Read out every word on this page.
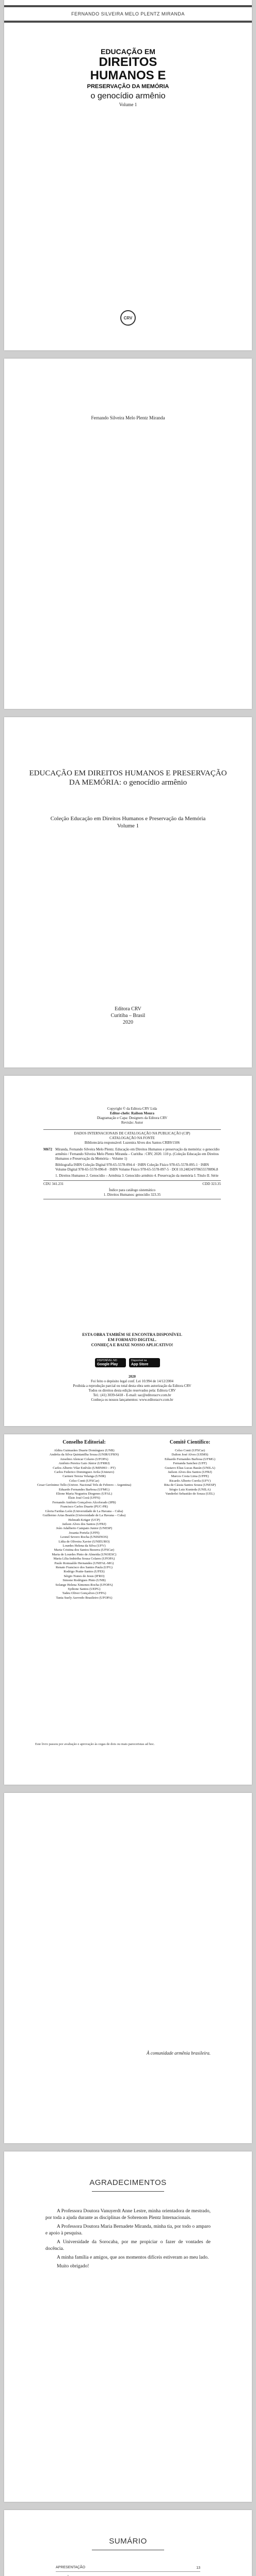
FERNANDO SILVEIRA MELO PLENTZ MIRANDA
EDUCAÇÃO EM
DIREITOS
HUMANOS E
PRESERVAÇÃO DA MEMÓRIA
o genocídio armênio
Volume 1
CRV
Fernando Silveira Melo Plentz Miranda
EDUCAÇÃO EM DIREITOS HUMANOS E PRESERVAÇÃO DA MEMÓRIA: o genocídio armênio
Coleção Educação em Direitos Humanos e Preservação da Memória
Volume 1
Editora CRV
Curitiba – Brasil
2020
Copyright © da Editora CRV Ltda
Editor-chefe: Railson Moura
Diagramação e Capa: Designers da Editora CRV
Revisão: Autor
DADOS INTERNACIONAIS DE CATALOGAÇÃO NA PUBLICAÇÃO (CIP)
CATALOGAÇÃO NA FONTE
Bibliotecária responsável: Luzenira Alves dos Santos CRB9/1506
M672 Miranda, Fernando Silveira Melo Plentz. Educação em Direitos Humanos e preservação da memória: o genocídio armênio / Fernando Silveira Melo Plentz Miranda – Curitiba : CRV, 2020. 110 p. (Coleção Educação em Direitos Humanos e Preservação da Memória – Volume 1)
Bibliografia ISBN Coleção Digital 978-65-5578-094-4 · ISBN Coleção Físico 978-65-5578-095-1 · ISBN Volume Digital 978-65-5578-096-8 · ISBN Volume Físico 978-65-5578-097-5 · DOI 10.24824/978655578096.8
1. Direitos Humanos 2. Genocídio – Armênia 3. Genocídio armênio 4. Preservação da memória I. Título II. Série
CDU 341.231	CDD 323.35
Índice para catálogo sistemático
1. Direitos Humanos: genocídio 323.35
ESTA OBRA TAMBÉM SE ENCONTRA DISPONÍVEL
EM FORMATO DIGITAL.
CONHEÇA E BAIXE NOSSO APLICATIVO!
2020
Foi feito o depósito legal conf. Lei 10.994 de 14/12/2004
Proibida a reprodução parcial ou total desta obra sem autorização da Editora CRV
Todos os direitos desta edição reservados pela: Editora CRV
Tel.: (41) 3039-6418 - E-mail: sac@editoracrv.com.br
Conheça os nossos lançamentos: www.editoracrv.com.br
DISPONÍVEL NO
Google Play
Disponível na
App Store
Conselho Editorial:	Comitê Científico:
Aldira Guimarães Duarte Domínguez (UNB)
Andréia da Silva Quintanilha Sousa (UNIR/UFRN)
Anselmo Alencar Colares (UFOPA)
Antônio Pereira Gaio Júnior (UFRRJ)
Carlos Alberto Vilar Estêvão (UMINHO – PT)
Carlos Federico Dominguez Avila (Unieuro)
Carmen Tereza Velanga (UNIR)
Celso Conti (UFSCar)
Cesar Gerónimo Tello (Univer. Nacional Três de Febrero – Argentina)
Eduardo Fernandes Barbosa (UFMG)
Elione Maria Nogueira Diogenes (UFAL)
Élsio José Corá (UFFS)
Fernando Antônio Gonçalves Alcoforado (IPB)
Francisco Carlos Duarte (PUC-PR)
Gloria Fariñas León (Universidade de La Havana – Cuba)
Guillermo Arias Beatón (Universidade de La Havana – Cuba)
Helmuth Krüger (UCP)
Jailson Alves dos Santos (UFRJ)
João Adalberto Campato Junior (UNESP)
Josania Portela (UFPI)
Leonel Severo Rocha (UNISINOS)
Lídia de Oliveira Xavier (UNIEURO)
Lourdes Helena da Silva (UFV)
Maria Cristina dos Santos Bezerra (UFSCar)
Maria de Lourdes Pinto de Almeida (UNOESC)
Maria Lília Imbiriba Sousa Colares (UFOPA)
Paulo Romualdo Hernandes (UNIFAL-MG)
Renato Francisco dos Santos Paula (UFG)
Rodrigo Pratte-Santos (UFES)
Sérgio Nunes de Jesus (IFRO)
Simone Rodrigues Pinto (UNB)
Solange Helena Ximenes-Rocha (UFOPA)
Sydione Santos (UEPG)
Tadeu Oliver Gonçalves (UFPA)
Tania Suely Azevedo Brasileiro (UFOPA)
Celso Conti (UFSCar)
Dalton José Alves (UEMS)
Eduardo Fernandes Barbosa (UFMG)
Fernanda Sanchez (UFF)
Gustavo Elias Lucas Bazán (UNILA)
Jailson Alves dos Santos (UFRJ)
Marcos Costa Lima (UFPE)
Ricardo Alberto Corrêa (UFV)
Rita de Cássia Santos Souza (UNESP)
Sérgio Luiz Kunieda (UNILA)
Vanderlei Sebastião de Souza (UEL)
Este livro passou por avaliação e aprovação às cegas de dois ou mais pareceristas ad hoc.
À comunidade armênia brasileira.
AGRADECIMENTOS

A Professora Doutora Vanuyerdt Anne Lestre, minha orientadora de mestrado, por toda a ajuda durante as disciplinas de Sobrenom Plentz Internacionais.

A Professora Doutora Maria Bernadete Miranda, minha tia, por todo o amparo e apoio à pesquisa.

A Universidade da Sorocaba, por me propiciar o fazer de vontades de docência.

A minha família e amigos, que aos momentos difíceis estiveram ao meu lado.

Muito obrigado!

SUMÁRIO
APRESENTAÇÃO	13
